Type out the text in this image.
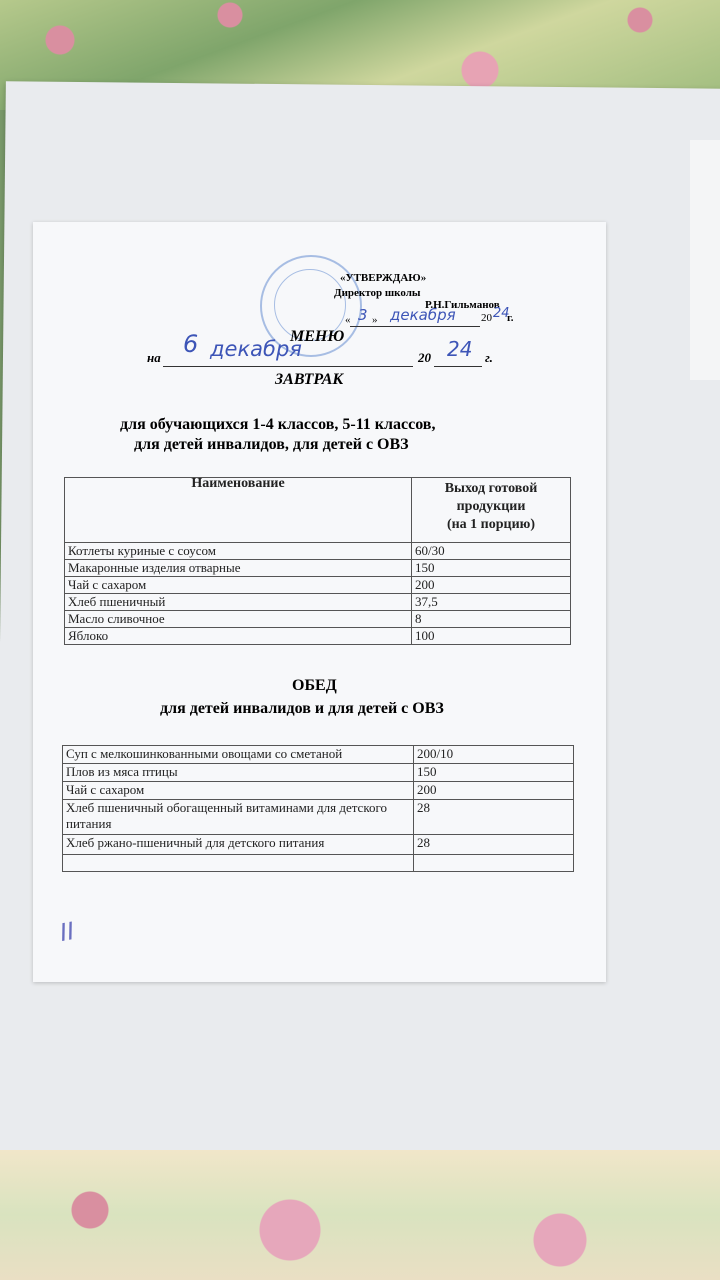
«УТВЕРЖДАЮ»
Директор школы
Р.Н.Гильманов
« 3 » декабря 20 24
г.
МЕНЮ
на 6 декабря	20 24 г.
ЗАВТРАК
для обучающихся 1-4 классов, 5-11 классов,
для детей инвалидов, для детей с ОВЗ
Наименование	Выход готовой
продукции
(на 1 порцию)

Котлеты куриные с соусом	60/30
Макаронные изделия отварные	150
Чай с сахаром	200
Хлеб пшеничный	37,5
Масло сливочное	8
Яблоко	100
ОБЕД
для детей инвалидов и для детей с ОВЗ
Суп с мелкошинкованными овощами со сметаной	200/10
Плов из мяса птицы	150
Чай с сахаром	200
Хлеб пшеничный обогащенный витаминами для детского питания	28
Хлеб ржано-пшеничный для детского питания	28

II
